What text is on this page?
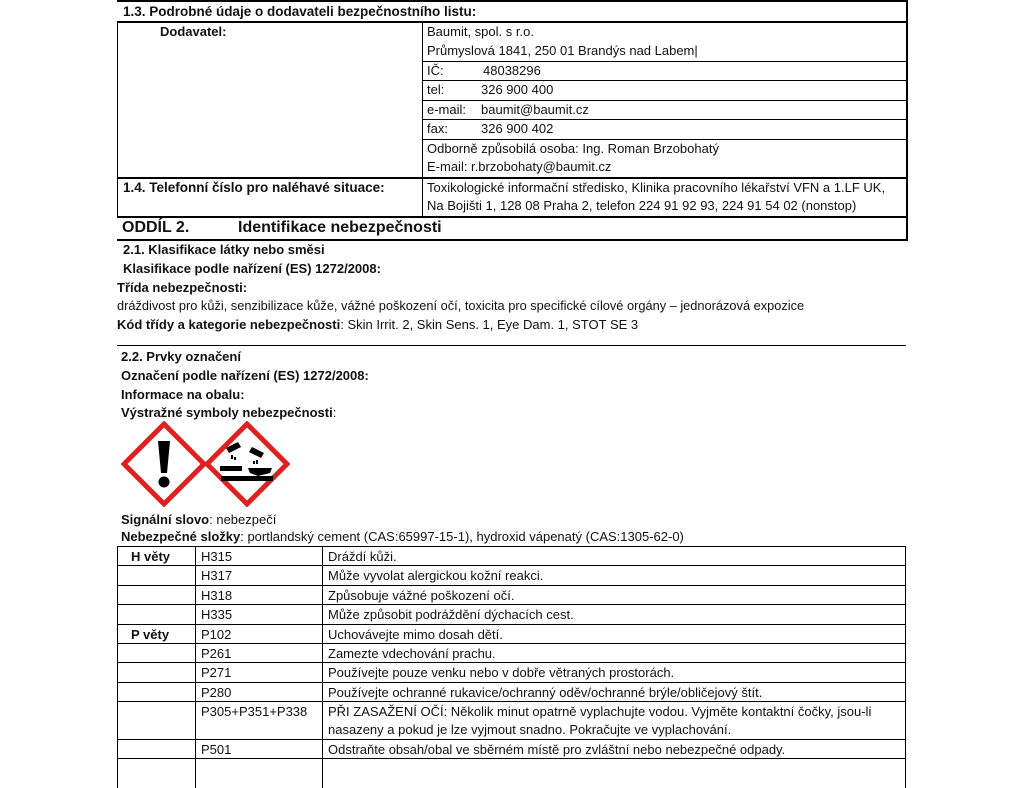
1.3. Podrobné údaje o dodavateli bezpečnostního listu:
Dodavatel:	Baumit, spol. s r.o.
Průmyslová 1841, 250 01 Brandýs nad Labem|
IČ:	48038296
tel:	326 900 400
e-mail: baumit@baumit.cz
fax:	326 900 402
Odborně způsobilá osoba: Ing. Roman Brzobohatý
E-mail: r.brzobohaty@baumit.cz
1.4. Telefonní číslo pro naléhavé situace:	Toxikologické informační středisko, Klinika pracovního lékařství VFN a 1.LF UK,
Na Bojišti 1, 128 08 Praha 2, telefon 224 91 92 93, 224 91 54 02 (nonstop)
ODDÍL 2.	Identifikace nebezpečnosti
2.1. Klasifikace látky nebo směsi
Klasifikace podle nařízení (ES) 1272/2008:
Třída nebezpečnosti:
dráždivost pro kůži, senzibilizace kůže, vážné poškození očí, toxicita pro specifické cílové orgány – jednorázová expozice
Kód třídy a kategorie nebezpečnosti: Skin Irrit. 2, Skin Sens. 1, Eye Dam. 1, STOT SE 3
2.2. Prvky označení
Označení podle nařízení (ES) 1272/2008:
Informace na obalu:
Výstražné symboly nebezpečnosti:
Signální slovo: nebezpečí
Nebezpečné složky: portlandský cement (CAS:65997-15-1), hydroxid vápenatý (CAS:1305-62-0)
H věty H315	Dráždí kůži.
H317	Může vyvolat alergickou kožní reakci.
H318	Způsobuje vážné poškození očí.
H335	Může způsobit podráždění dýchacích cest.
P věty P102	Uchovávejte mimo dosah dětí.
P261	Zamezte vdechování prachu.
P271	Používejte pouze venku nebo v dobře větraných prostorách.
P280	Používejte ochranné rukavice/ochranný oděv/ochranné brýle/obličejový štít.
P305+P351+P338 PŘI ZASAŽENÍ OČÍ: Několik minut opatrně vyplachujte vodou. Vyjměte kontaktní čočky, jsou-li
nasazeny a pokud je lze vyjmout snadno. Pokračujte ve vyplachování.
P501	Odstraňte obsah/obal ve sběrném místě pro zvláštní nebo nebezpečné odpady.
